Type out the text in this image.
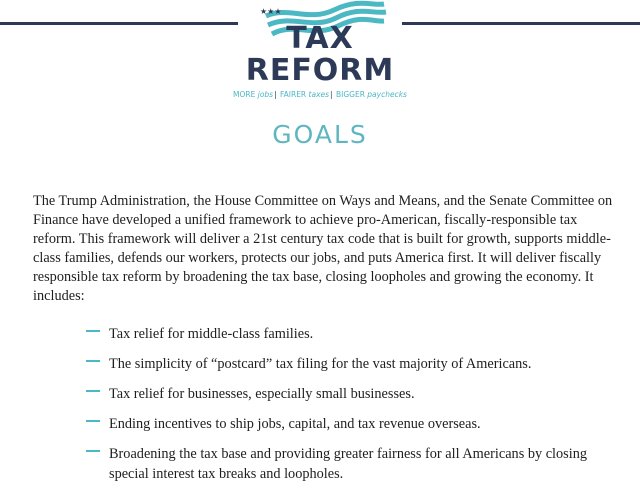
★★★
TAX
REFORM
MORE jobs| FAIRER taxes| BIGGER paychecks
GOALS
The Trump Administration, the House Committee on Ways and Means, and the Senate Committee on Finance have developed a unified framework to achieve pro-American, fiscally-responsible tax reform. This framework will deliver a 21st century tax code that is built for growth, supports middle-class families, defends our workers, protects our jobs, and puts America first. It will deliver fiscally responsible tax reform by broadening the tax base, closing loopholes and growing the economy. It includes:
Tax relief for middle-class families.
The simplicity of “postcard” tax filing for the vast majority of Americans.
Tax relief for businesses, especially small businesses.
Ending incentives to ship jobs, capital, and tax revenue overseas.
Broadening the tax base and providing greater fairness for all Americans by closing special interest tax breaks and loopholes.
